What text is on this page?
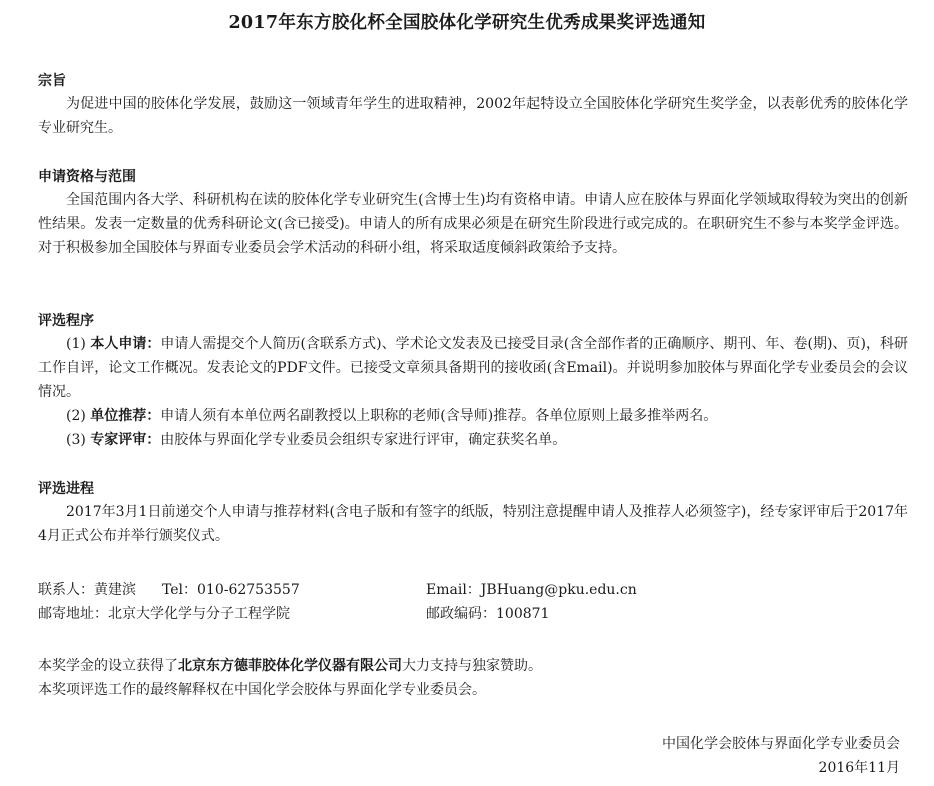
2017年东方胶化杯全国胶体化学研究生优秀成果奖评选通知
宗旨
为促进中国的胶体化学发展，鼓励这一领域青年学生的进取精神，2002年起特设立全国胶体化学研究生奖学金，以表彰优秀的胶体化学专业研究生。
申请资格与范围
全国范围内各大学、科研机构在读的胶体化学专业研究生(含博士生)均有资格申请。申请人应在胶体与界面化学领域取得较为突出的创新性结果。发表一定数量的优秀科研论文(含已接受)。申请人的所有成果必须是在研究生阶段进行或完成的。在职研究生不参与本奖学金评选。对于积极参加全国胶体与界面专业委员会学术活动的科研小组，将采取适度倾斜政策给予支持。
评选程序
(1) 本人申请：申请人需提交个人简历(含联系方式)、学术论文发表及已接受目录(含全部作者的正确顺序、期刊、年、卷(期)、页)，科研工作自评，论文工作概况。发表论文的PDF文件。已接受文章须具备期刊的接收函(含Email)。并说明参加胶体与界面化学专业委员会的会议情况。
(2) 单位推荐：申请人须有本单位两名副教授以上职称的老师(含导师)推荐。各单位原则上最多推举两名。
(3) 专家评审：由胶体与界面化学专业委员会组织专家进行评审，确定获奖名单。
评选进程
2017年3月1日前递交个人申请与推荐材料(含电子版和有签字的纸版，特别注意提醒申请人及推荐人必须签字)，经专家评审后于2017年4月正式公布并举行颁奖仪式。
联系人：黄建滨 Tel：010-62753557	Email：JBHuang@pku.edu.cn
邮寄地址：北京大学化学与分子工程学院	邮政编码：100871
本奖学金的设立获得了北京东方德菲胶体化学仪器有限公司大力支持与独家赞助。
本奖项评选工作的最终解释权在中国化学会胶体与界面化学专业委员会。
中国化学会胶体与界面化学专业委员会
2016年11月
